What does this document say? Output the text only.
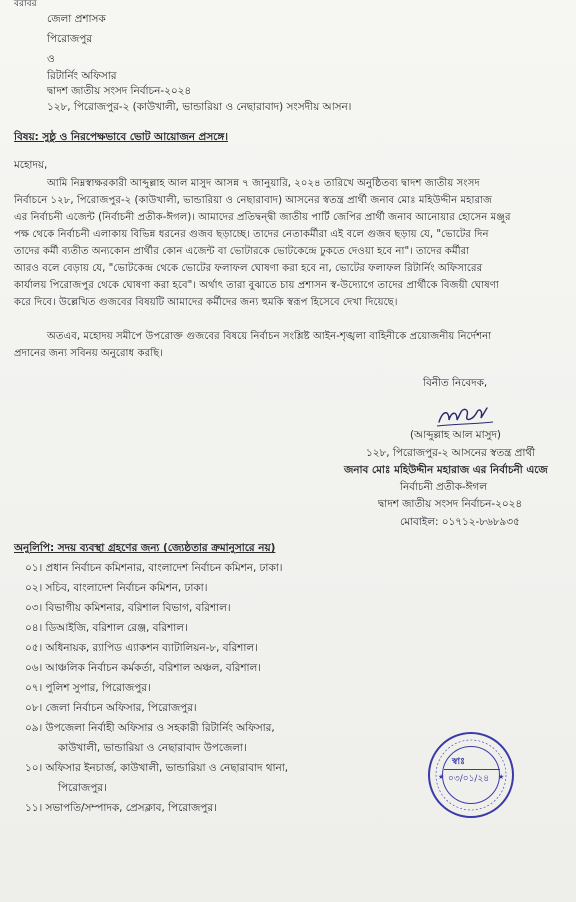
বরাবর
জেলা প্রশাসক
পিরোজপুর
ও
রিটার্নিং অফিসার
দ্বাদশ জাতীয় সংসদ নির্বাচন-২০২৪
১২৮, পিরোজপুর-২ (কাউখালী, ভান্ডারিয়া ও নেছারাবাদ) সংসদীয় আসন।
বিষয়: সুষ্ঠু ও নিরপেক্ষভাবে ভোট আয়োজন প্রসঙ্গে।
মহোদয়,
আমি নিম্নস্বাক্ষরকারী আব্দুল্লাহ আল মাসুদ আসন্ন ৭ জানুয়ারি, ২০২৪ তারিখে অনুষ্ঠিতব্য দ্বাদশ জাতীয় সংসদ
নির্বাচনে ১২৮, পিরোজপুর-২ (কাউখালী, ভান্ডারিয়া ও নেছারাবাদ) আসনের স্বতন্ত্র প্রার্থী জনাব মোঃ মহিউদ্দীন মহারাজ
এর নির্বাচনী এজেন্ট (নির্বাচনী প্রতীক-ঈগল)। আমাদের প্রতিদ্বন্দ্বী জাতীয় পার্টি জেপির প্রার্থী জনাব আনোয়ার হোসেন মঞ্জুর
পক্ষ থেকে নির্বাচনী এলাকায় বিভিন্ন ধরনের গুজব ছড়াচ্ছে। তাদের নেতাকর্মীরা এই বলে গুজব ছড়ায় যে, "ভোটের দিন
তাদের কর্মী ব্যতীত অন্যকোন প্রার্থীর কোন এজেন্ট বা ভোটারকে ভোটকেন্দ্রে ঢুকতে দেওয়া হবে না"। তাদের কর্মীরা
আরও বলে বেড়ায় যে, "ভোটকেন্দ্র থেকে ভোটের ফলাফল ঘোষণা করা হবে না, ভোটের ফলাফল রিটার্নিং অফিসারের
কার্যালয় পিরোজপুর থেকে ঘোষণা করা হবে"। অর্থাৎ তারা বুঝাতে চায় প্রশাসন স্ব-উদ্যোগে তাদের প্রার্থীকে বিজয়ী ঘোষণা
করে দিবে। উল্লেখিত গুজবের বিষয়টি আমাদের কর্মীদের জন্য হুমকি স্বরূপ হিসেবে দেখা দিয়েছে।
অতএব, মহোদয় সমীপে উপরোক্ত গুজবের বিষয়ে নির্বাচন সংশ্লিষ্ট আইন-শৃঙ্খলা বাহিনীকে প্রয়োজনীয় নির্দেশনা
প্রদানের জন্য সবিনয় অনুরোধ করছি।
বিনীত নিবেদক,
(আব্দুল্লাহ আল মাসুদ)
১২৮, পিরোজপুর-২ আসনের স্বতন্ত্র প্রার্থী
জনাব মোঃ মহিউদ্দীন মহারাজ এর নির্বাচনী এজে
নির্বাচনী প্রতীক-ঈগল
দ্বাদশ জাতীয় সংসদ নির্বাচন-২০২৪
মোবাইল: ০১৭১২-৮৬৮৯৩৫
অনুলিপি: সদয় ব্যবস্থা গ্রহণের জন্য (জ্যেষ্ঠতার ক্রমানুসারে নয়)
০১। প্রধান নির্বাচন কমিশনার, বাংলাদেশ নির্বাচন কমিশন, ঢাকা।
০২। সচিব, বাংলাদেশ নির্বাচন কমিশন, ঢাকা।
০৩। বিভাগীয় কমিশনার, বরিশাল বিভাগ, বরিশাল।
০৪। ডিআইজি, বরিশাল রেঞ্জ, বরিশাল।
০৫। অধিনায়ক, র‌্যাপিড এ্যাকশন ব্যাটালিয়ন-৮, বরিশাল।
০৬। আঞ্চলিক নির্বাচন কর্মকর্তা, বরিশাল অঞ্চল, বরিশাল।
০৭। পুলিশ সুপার, পিরোজপুর।
০৮। জেলা নির্বাচন অফিসার, পিরোজপুর।
০৯। উপজেলা নির্বাহী অফিসার ও সহকারী রিটার্নিং অফিসার,
কাউখালী, ভান্ডারিয়া ও নেছারাবাদ উপজেলা।
১০। অফিসার ইনচার্জ, কাউখালী, ভান্ডারিয়া ও নেছারাবাদ থানা,
পিরোজপুর।
১১। সভাপতি/সম্পাদক, প্রেসক্লাব, পিরোজপুর।
★	★
স্বাঃ
০৩/০১/২৪
